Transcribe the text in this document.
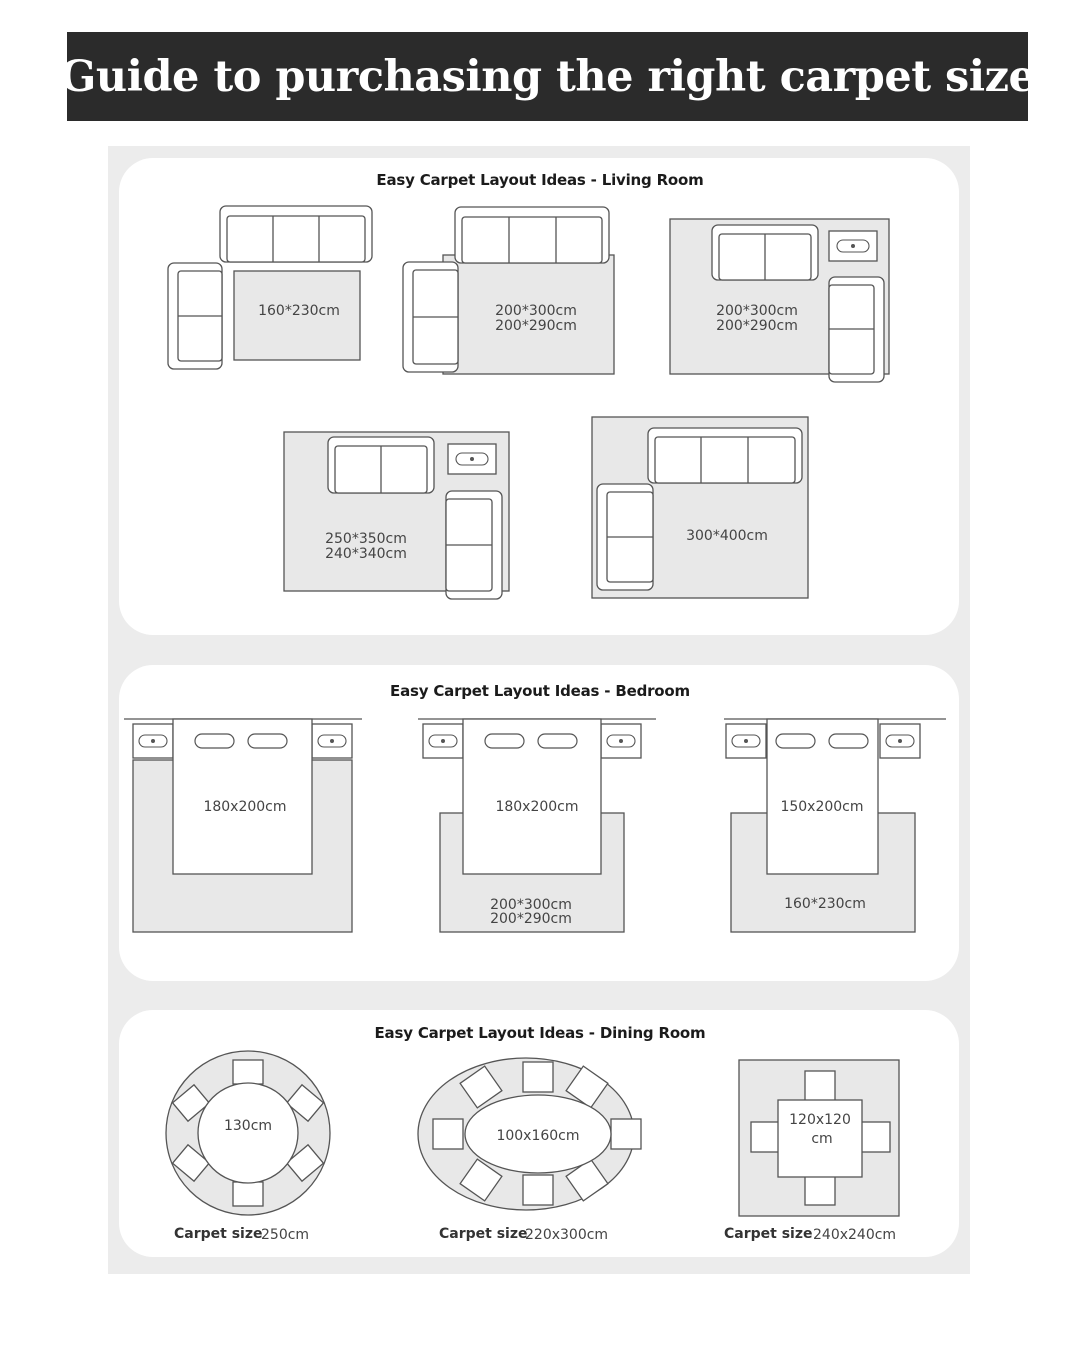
Guide to purchasing the right carpet size
Easy Carpet Layout Ideas - Living Room
Easy Carpet Layout Ideas - Bedroom
Easy Carpet Layout Ideas - Dining Room
160*230cm	200*300cm
200*290cm
200*300cm
200*290cm
250*350cm
240*340cm
300*400cm
180x200cm	180x200cm
200*300cm
200*290cm
150x200cm
160*230cm
130cm
Carpet size
250cm
100x160cm
Carpet size
220x300cm
120x120
cm
Carpet size 240x240cm
